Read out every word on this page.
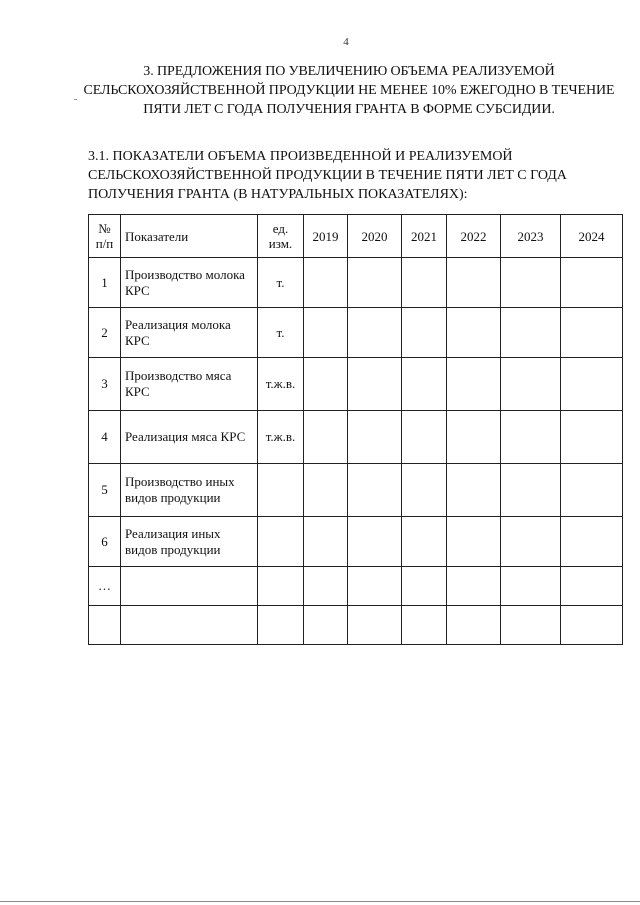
4
3. ПРЕДЛОЖЕНИЯ ПО УВЕЛИЧЕНИЮ ОБЪЕМА РЕАЛИЗУЕМОЙ СЕЛЬСКОХОЗЯЙСТВЕННОЙ ПРОДУКЦИИ НЕ МЕНЕЕ 10% ЕЖЕГОДНО В ТЕЧЕНИЕ ПЯТИ ЛЕТ С ГОДА ПОЛУЧЕНИЯ ГРАНТА В ФОРМЕ СУБСИДИИ.
3.1. ПОКАЗАТЕЛИ ОБЪЕМА ПРОИЗВЕДЕННОЙ И РЕАЛИЗУЕМОЙ СЕЛЬСКОХОЗЯЙСТВЕННОЙ ПРОДУКЦИИ В ТЕЧЕНИЕ ПЯТИ ЛЕТ С ГОДА ПОЛУЧЕНИЯ ГРАНТА (В НАТУРАЛЬНЫХ ПОКАЗАТЕЛЯХ):
№ п/п	Показатели	ед. изм.	2019	2020	2021	2022	2023	2024
1	Производство молока КРС	т.						
2	Реализация молока КРС	т.						
3	Производство мяса КРС	т.ж.в.						
4	Реализация мяса КРС	т.ж.в.						
5	Производство иных видов продукции							
6	Реализация иных видов продукции							
…								
